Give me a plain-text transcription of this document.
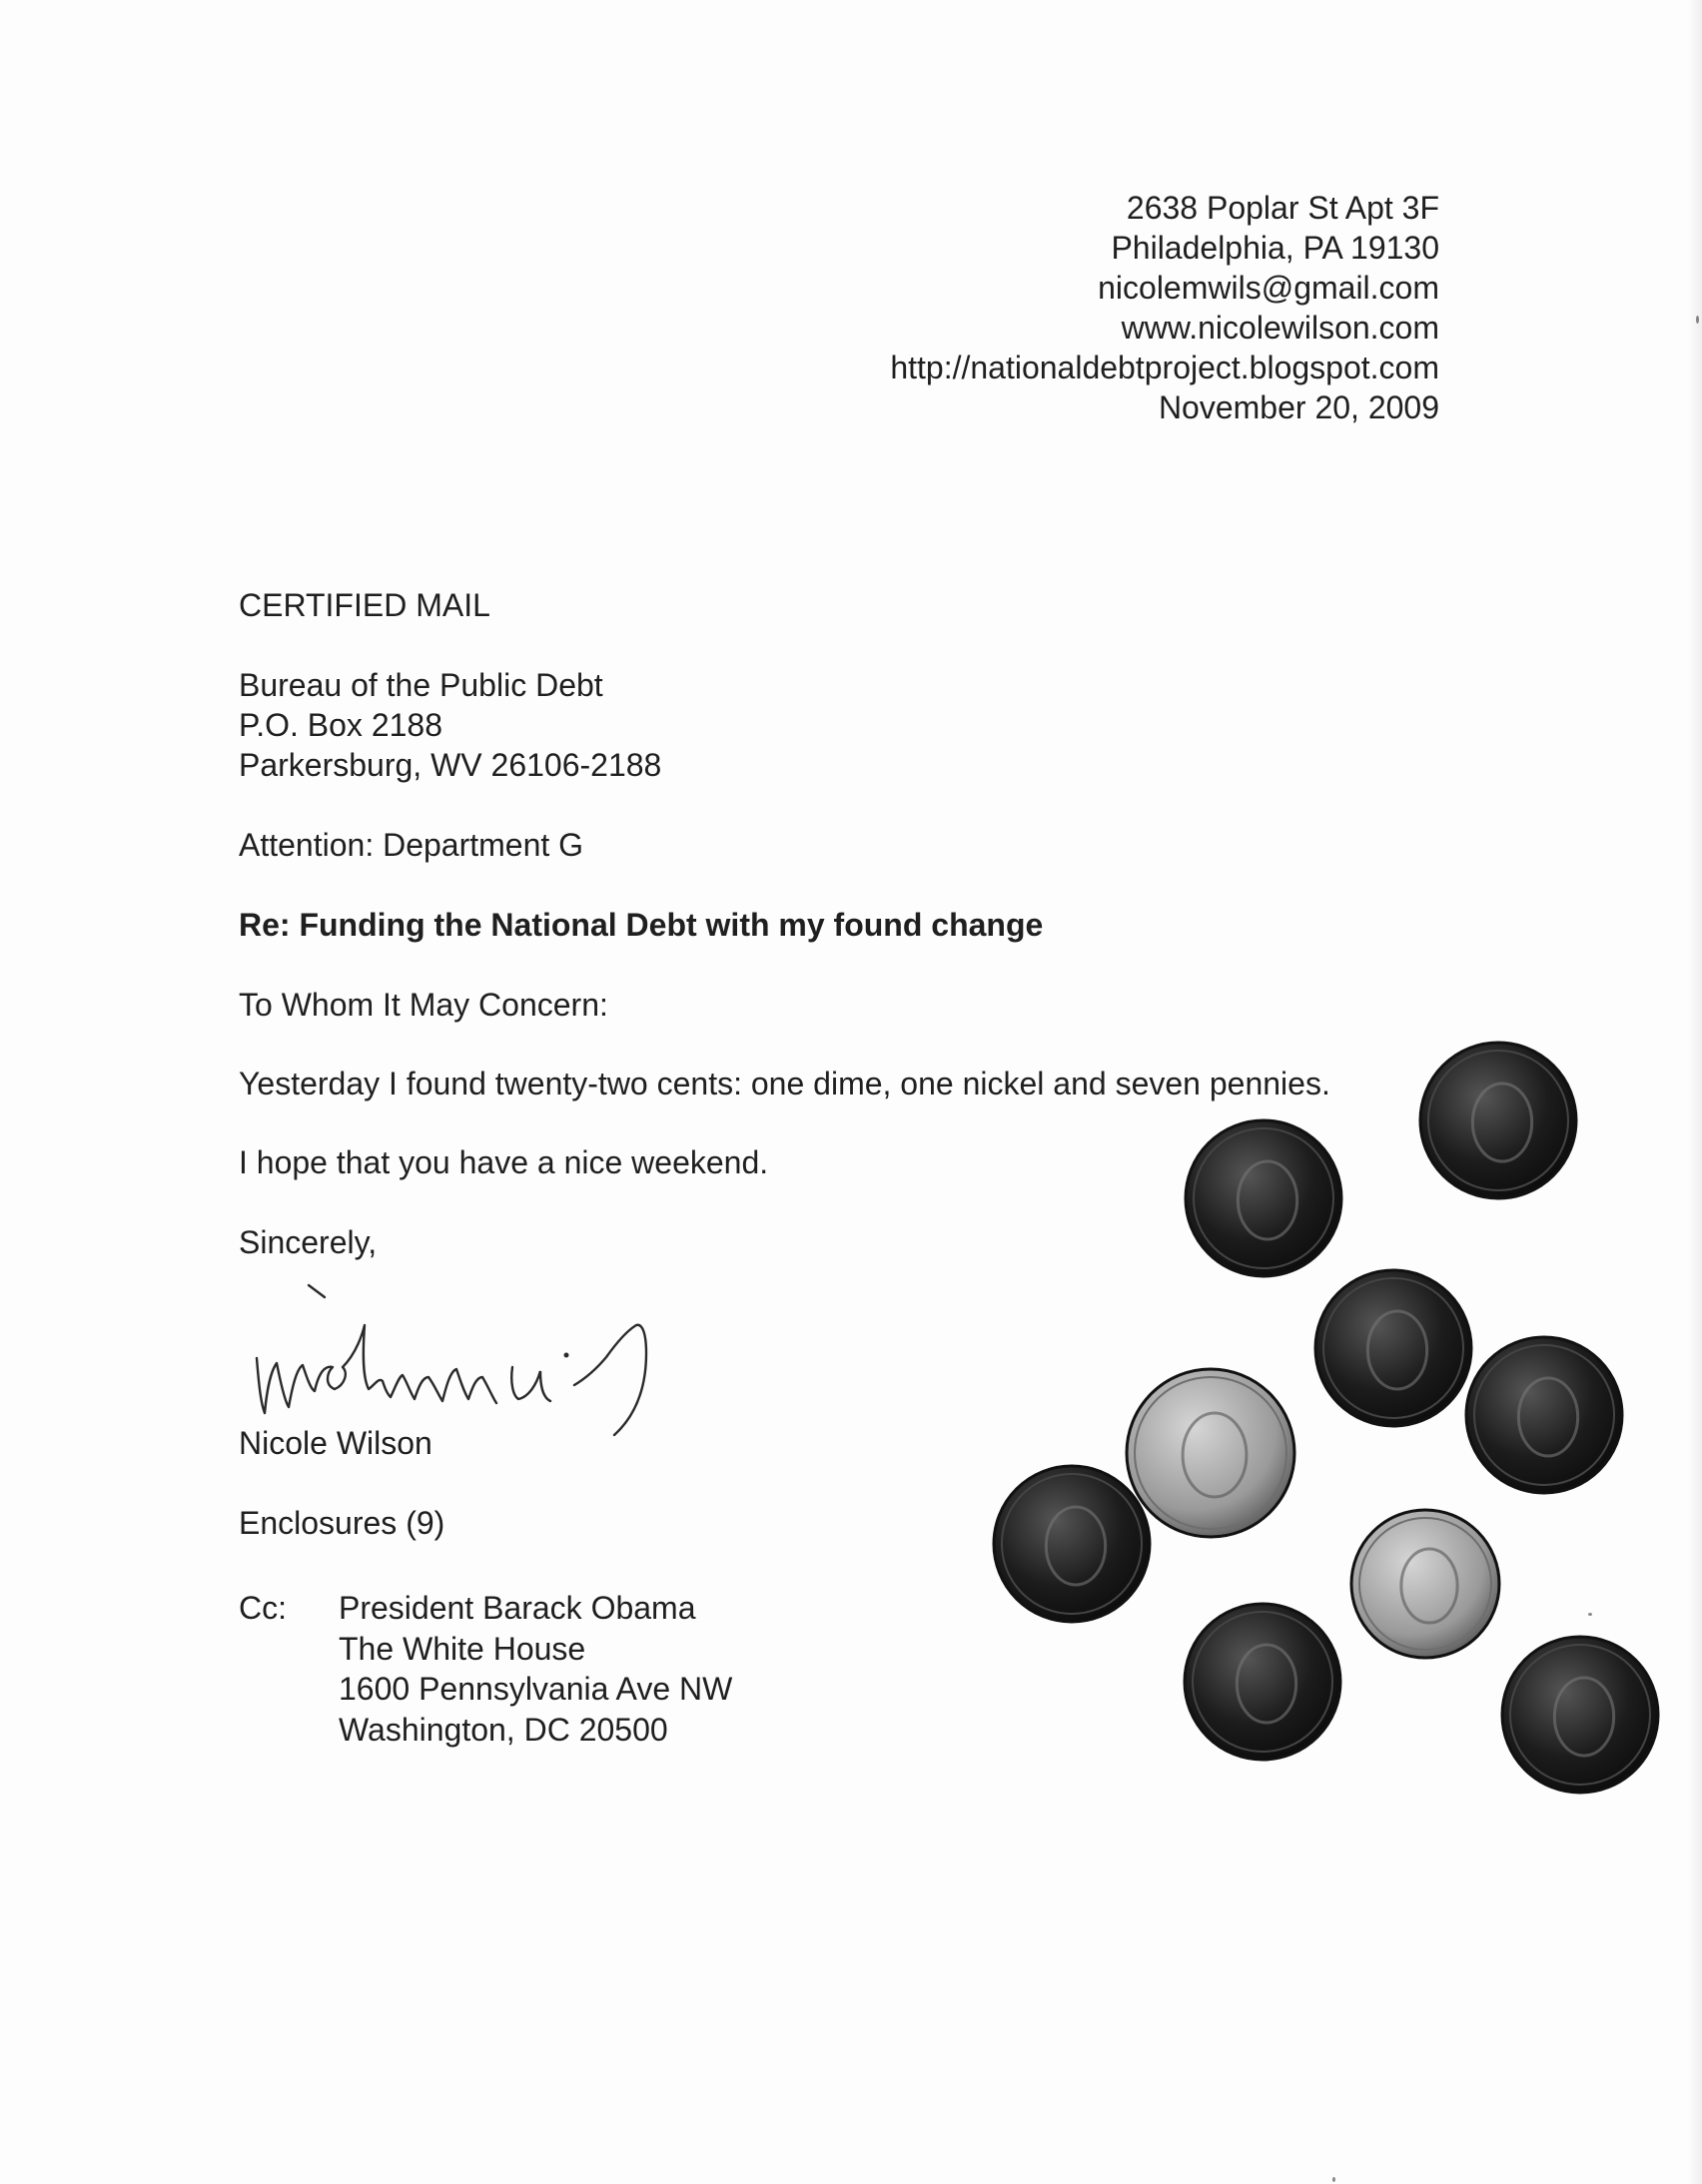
2638 Poplar St Apt 3F
Philadelphia, PA 19130
nicolemwils@gmail.com
www.nicolewilson.com
http://nationaldebtproject.blogspot.com
November 20, 2009
CERTIFIED MAIL
Bureau of the Public Debt
P.O. Box 2188
Parkersburg, WV 26106-2188
Attention: Department G
Re: Funding the National Debt with my found change
To Whom It May Concern:
Yesterday I found twenty-two cents: one dime, one nickel and seven pennies.
I hope that you have a nice weekend.
Sincerely,
Nicole Wilson
Enclosures (9)
Cc: President Barack Obama
The White House
1600 Pennsylvania Ave NW
Washington, DC 20500
